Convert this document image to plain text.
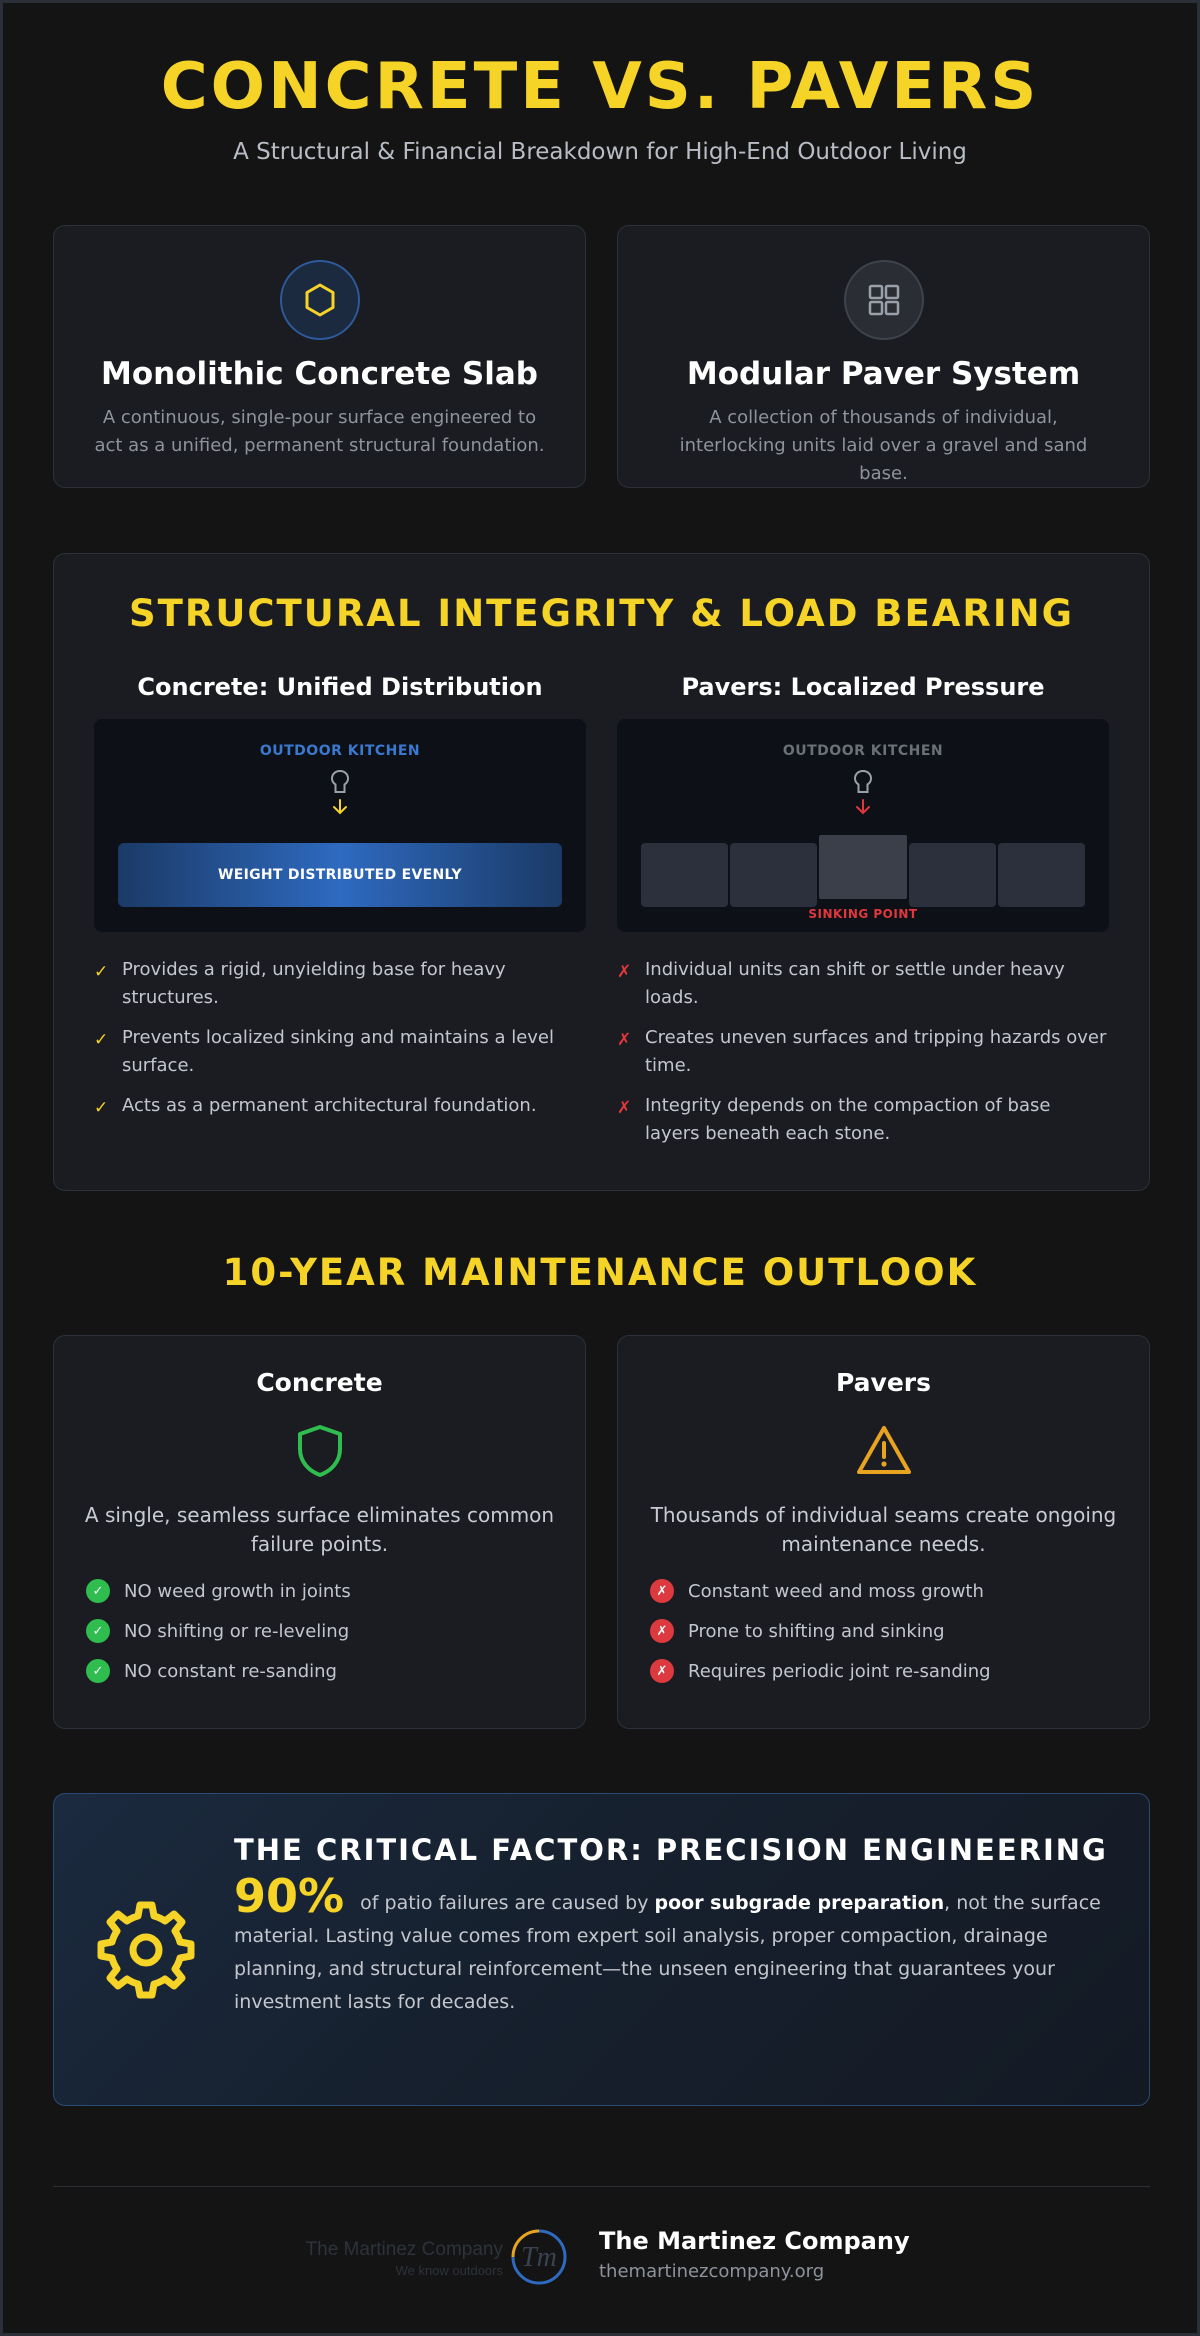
CONCRETE VS. PAVERS

A Structural & Financial Breakdown for High-End Outdoor Living

Monolithic Concrete Slab

A continuous, single-pour surface engineered to act as a unified, permanent structural foundation.

Modular Paver System

A collection of thousands of individual, interlocking units laid over a gravel and sand base.

STRUCTURAL INTEGRITY & LOAD BEARING
Concrete: Unified Distribution
OUTDOOR KITCHEN
WEIGHT DISTRIBUTED EVENLY
✓ Provides a rigid, unyielding base for heavy structures.
✓ Prevents localized sinking and maintains a level surface.
✓ Acts as a permanent architectural foundation.
Pavers: Localized Pressure
OUTDOOR KITCHEN
SINKING POINT
✗ Individual units can shift or settle under heavy loads.
✗ Creates uneven surfaces and tripping hazards over time.
✗ Integrity depends on the compaction of base layers beneath each stone.
10-YEAR MAINTENANCE OUTLOOK
Concrete

A single, seamless surface eliminates common failure points.

✓	NO weed growth in joints
✓	NO shifting or re-leveling
✓	NO constant re-sanding
Pavers

Thousands of individual seams create ongoing maintenance needs.

✗	Constant weed and moss growth
✗	Prone to shifting and sinking
✗	Requires periodic joint re-sanding
THE CRITICAL FACTOR: PRECISION ENGINEERING

90% of patio failures are caused by poor subgrade preparation, not the surface material. Lasting value comes from expert soil analysis, proper compaction, drainage planning, and structural reinforcement—the unseen engineering that guarantees your investment lasts for decades.

The Martinez Company
We know outdoors Tm
The Martinez Company
themartinezcompany.org
